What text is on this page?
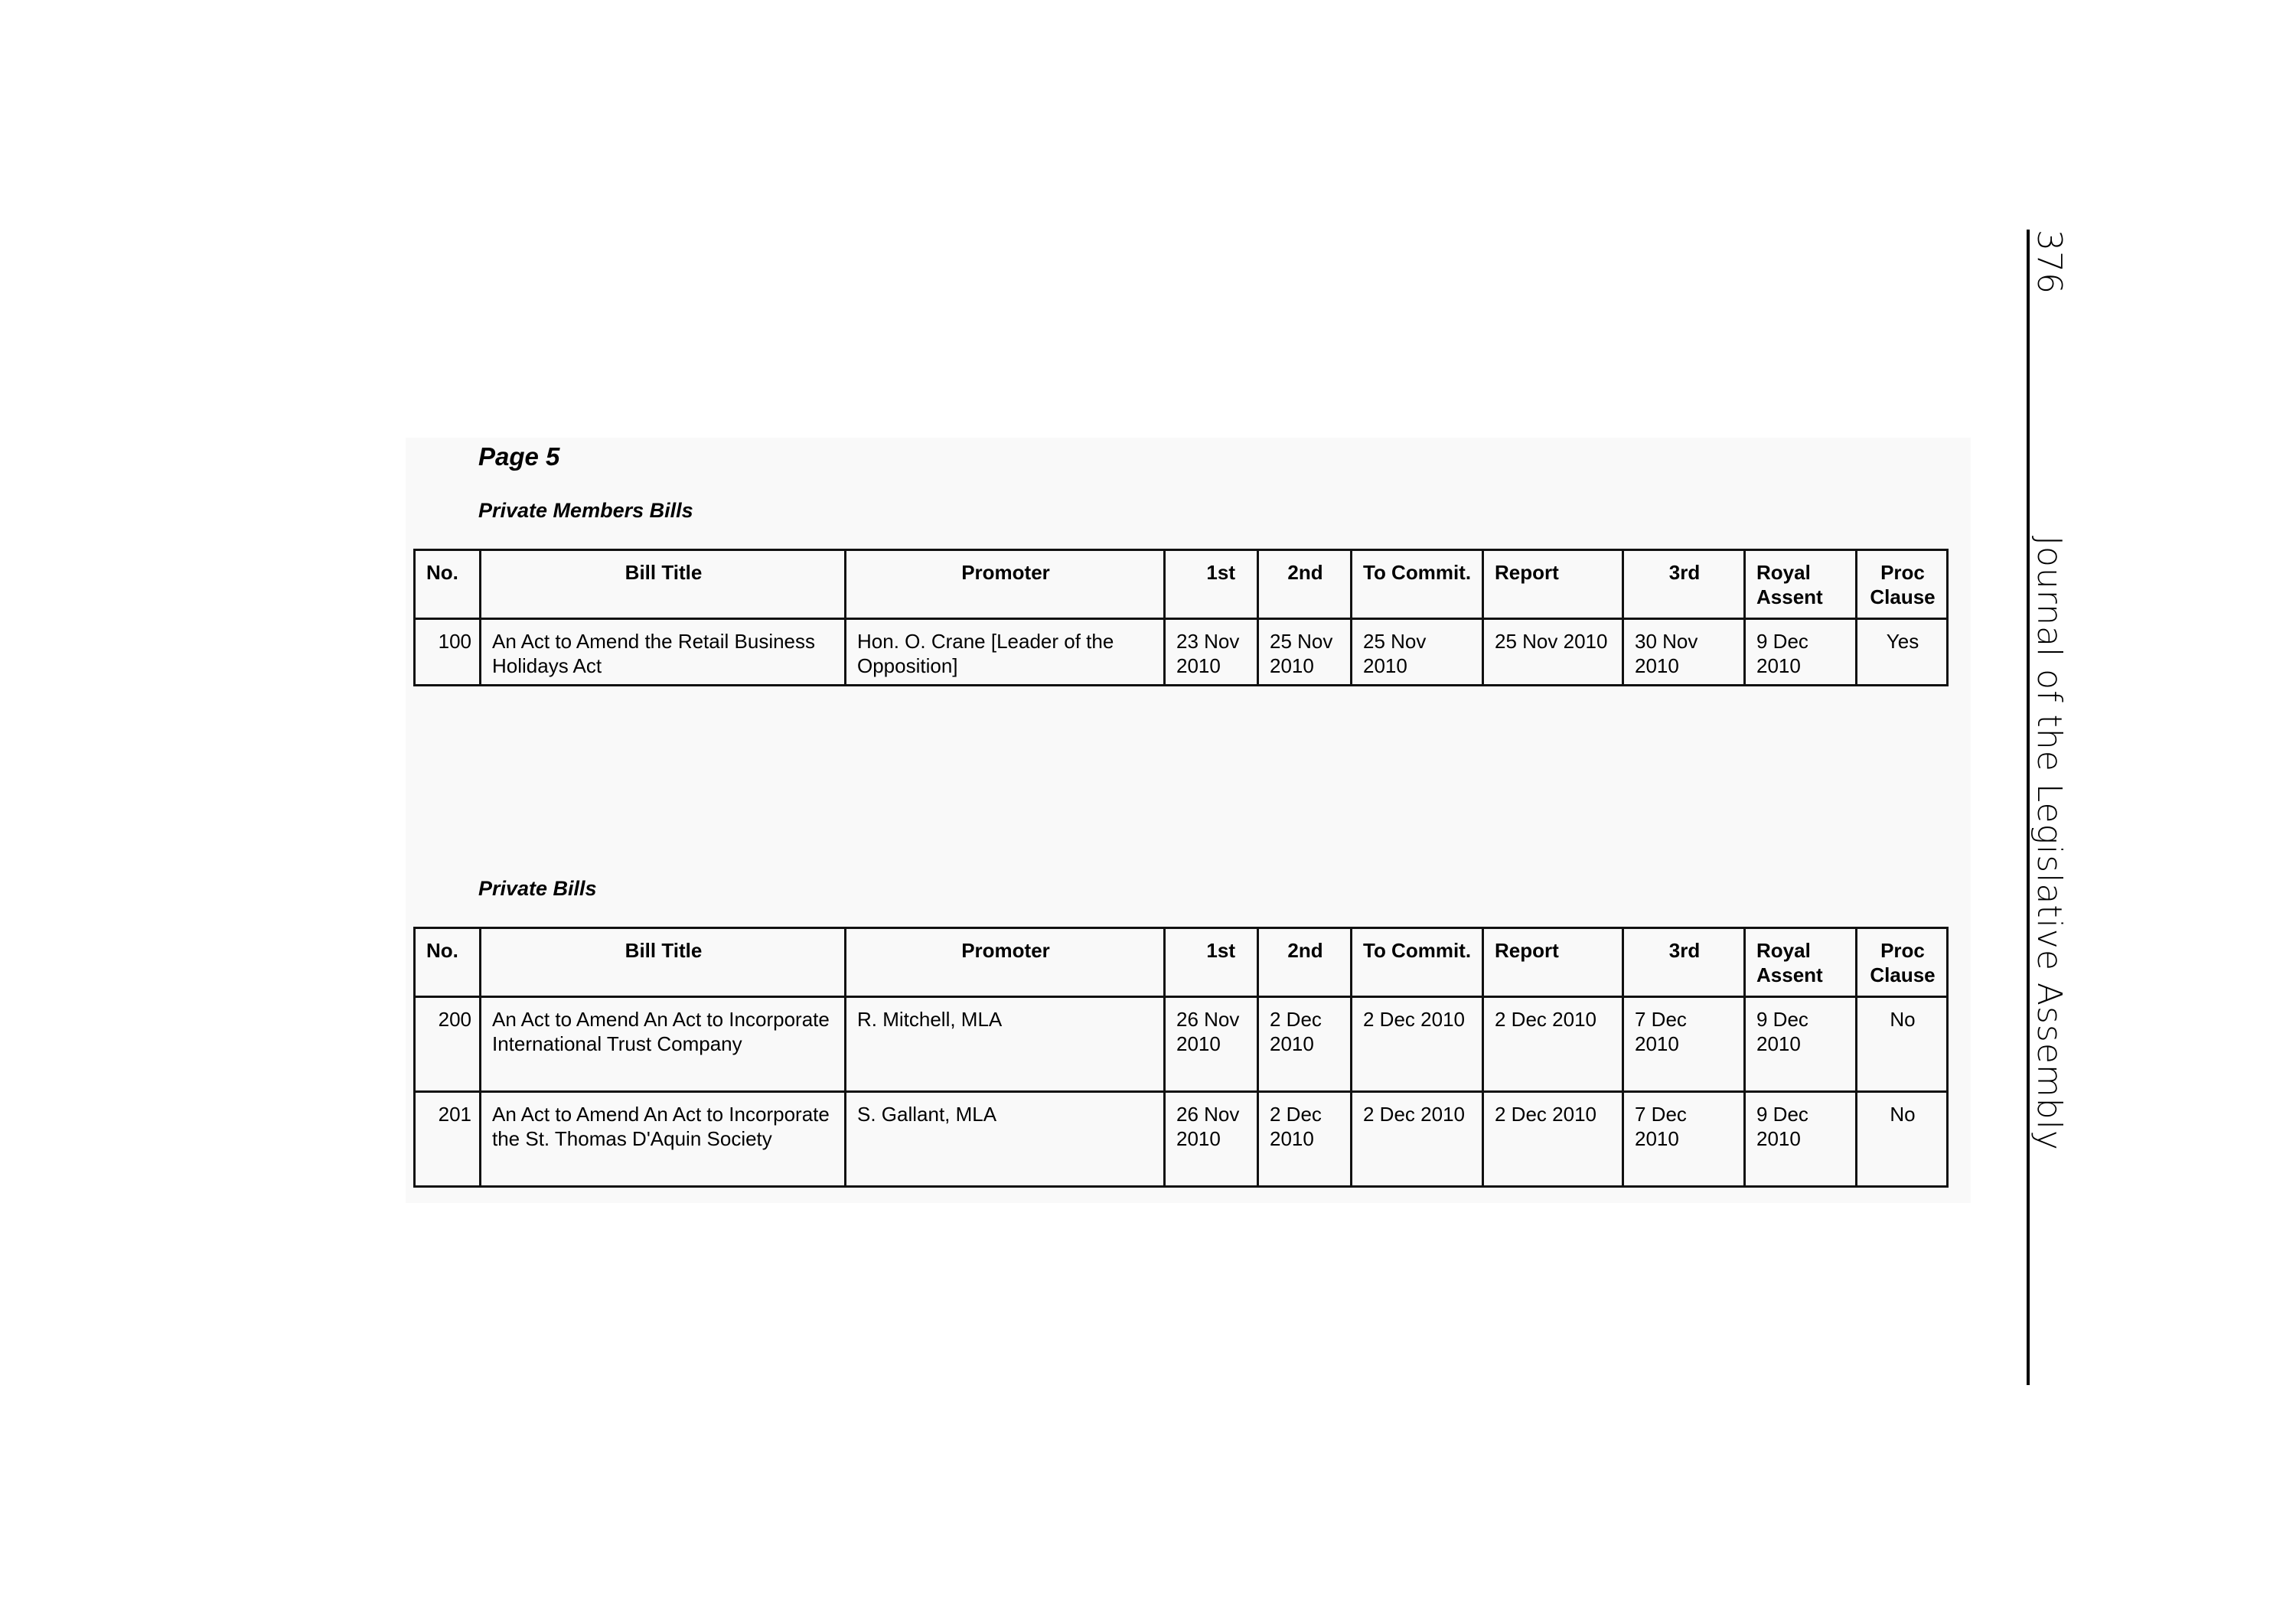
Page 5
Private Members Bills
No.	Bill Title	Promoter	1st	2nd	To Commit.	Report	3rd	Royal Assent	Proc Clause
100	An Act to Amend the Retail Business Holidays Act	Hon. O. Crane [Leader of the Opposition]	23 Nov 2010	25 Nov 2010	25 Nov 2010	25 Nov 2010	30 Nov 2010	9 Dec 2010	Yes
Private Bills
No.	Bill Title	Promoter	1st	2nd	To Commit.	Report	3rd	Royal Assent	Proc Clause
200	An Act to Amend An Act to Incorporate International Trust Company	R. Mitchell, MLA	26 Nov 2010	2 Dec 2010	2 Dec 2010	2 Dec 2010	7 Dec 2010	9 Dec 2010	No
201	An Act to Amend An Act to Incorporate the St. Thomas D'Aquin Society	S. Gallant, MLA	26 Nov 2010	2 Dec 2010	2 Dec 2010	2 Dec 2010	7 Dec 2010	9 Dec 2010	No
376
Journal of the Legislative Assembly
